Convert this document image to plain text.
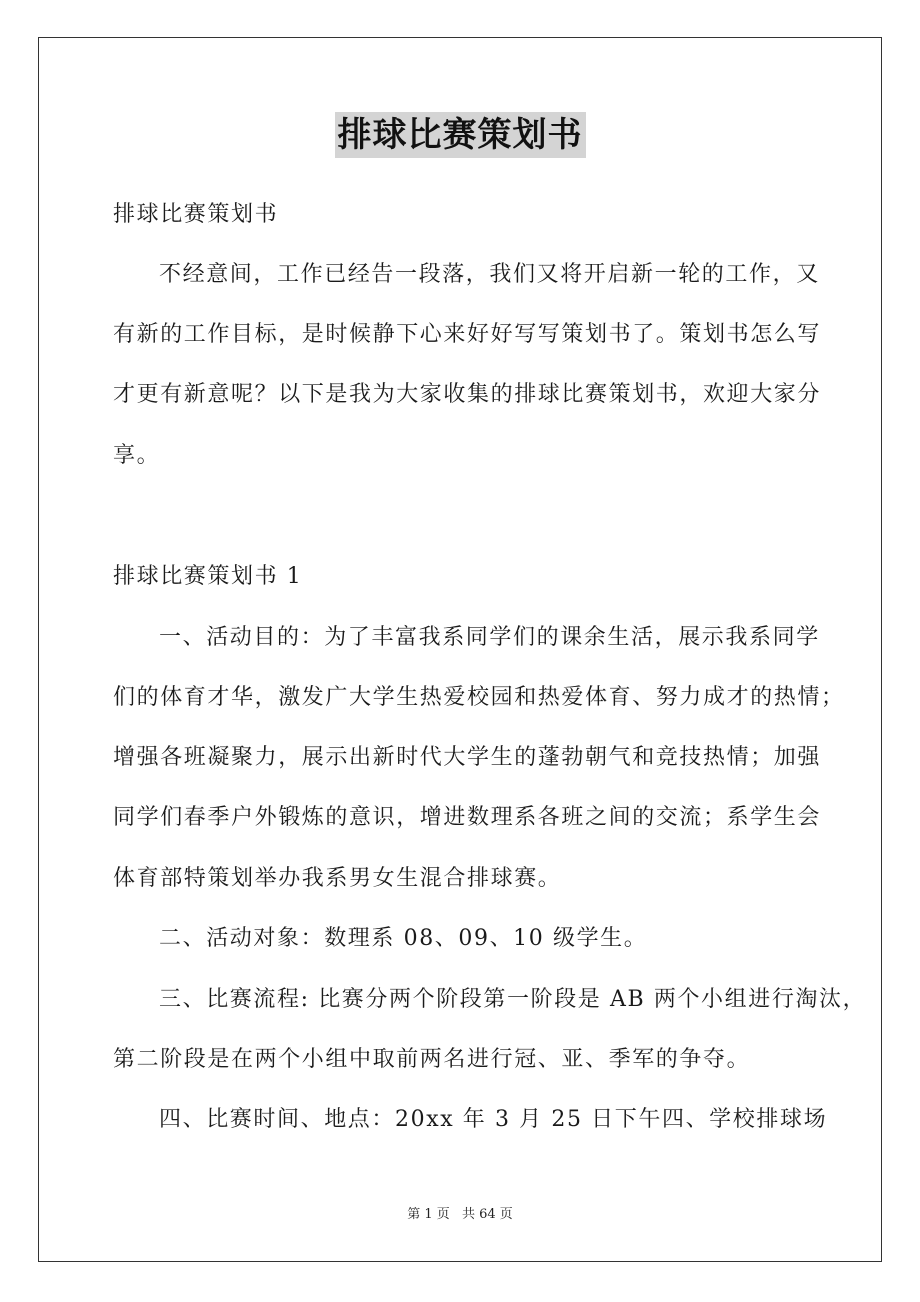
排球比赛策划书
排球比赛策划书
不经意间，工作已经告一段落，我们又将开启新一轮的工作，又
有新的工作目标，是时候静下心来好好写写策划书了。策划书怎么写
才更有新意呢？以下是我为大家收集的排球比赛策划书，欢迎大家分
享。
排球比赛策划书 1
一、活动目的：为了丰富我系同学们的课余生活，展示我系同学
们的体育才华，激发广大学生热爱校园和热爱体育、努力成才的热情；
增强各班凝聚力，展示出新时代大学生的蓬勃朝气和竞技热情；加强
同学们春季户外锻炼的意识，增进数理系各班之间的交流；系学生会
体育部特策划举办我系男女生混合排球赛。
二、活动对象：数理系 08、09、10 级学生。
三、比赛流程: 比赛分两个阶段第一阶段是 AB 两个小组进行淘汰，
第二阶段是在两个小组中取前两名进行冠、亚、季军的争夺。
四、比赛时间、地点：20xx 年 3 月 25 日下午四、学校排球场
第 1 页 共 64 页
